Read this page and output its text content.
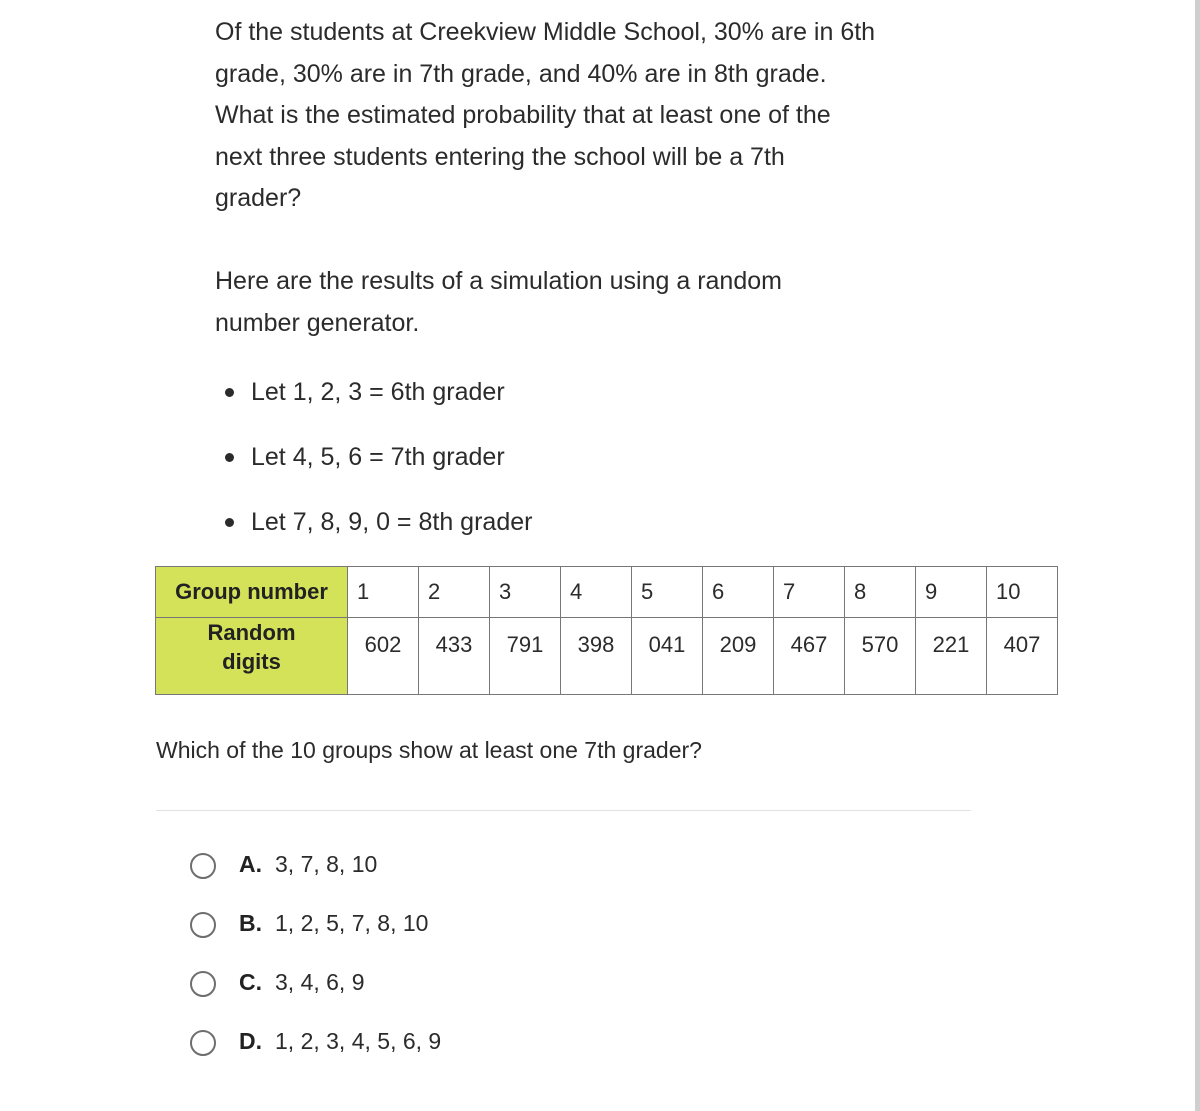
Of the students at Creekview Middle School, 30% are in 6th
grade, 30% are in 7th grade, and 40% are in 8th grade.
What is the estimated probability that at least one of the
next three students entering the school will be a 7th
grader?

Here are the results of a simulation using a random
number generator.

Let 1, 2, 3 = 6th grader
Let 4, 5, 6 = 7th grader
Let 7, 8, 9, 0 = 8th grader
Group number	1	2	3	4	5	6	7	8	9	10
Random
digits	602	433	791	398	041	209	467	570	221	407

Which of the 10 groups show at least one 7th grader?

A. 3, 7, 8, 10
B. 1, 2, 5, 7, 8, 10
C. 3, 4, 6, 9
D. 1, 2, 3, 4, 5, 6, 9
